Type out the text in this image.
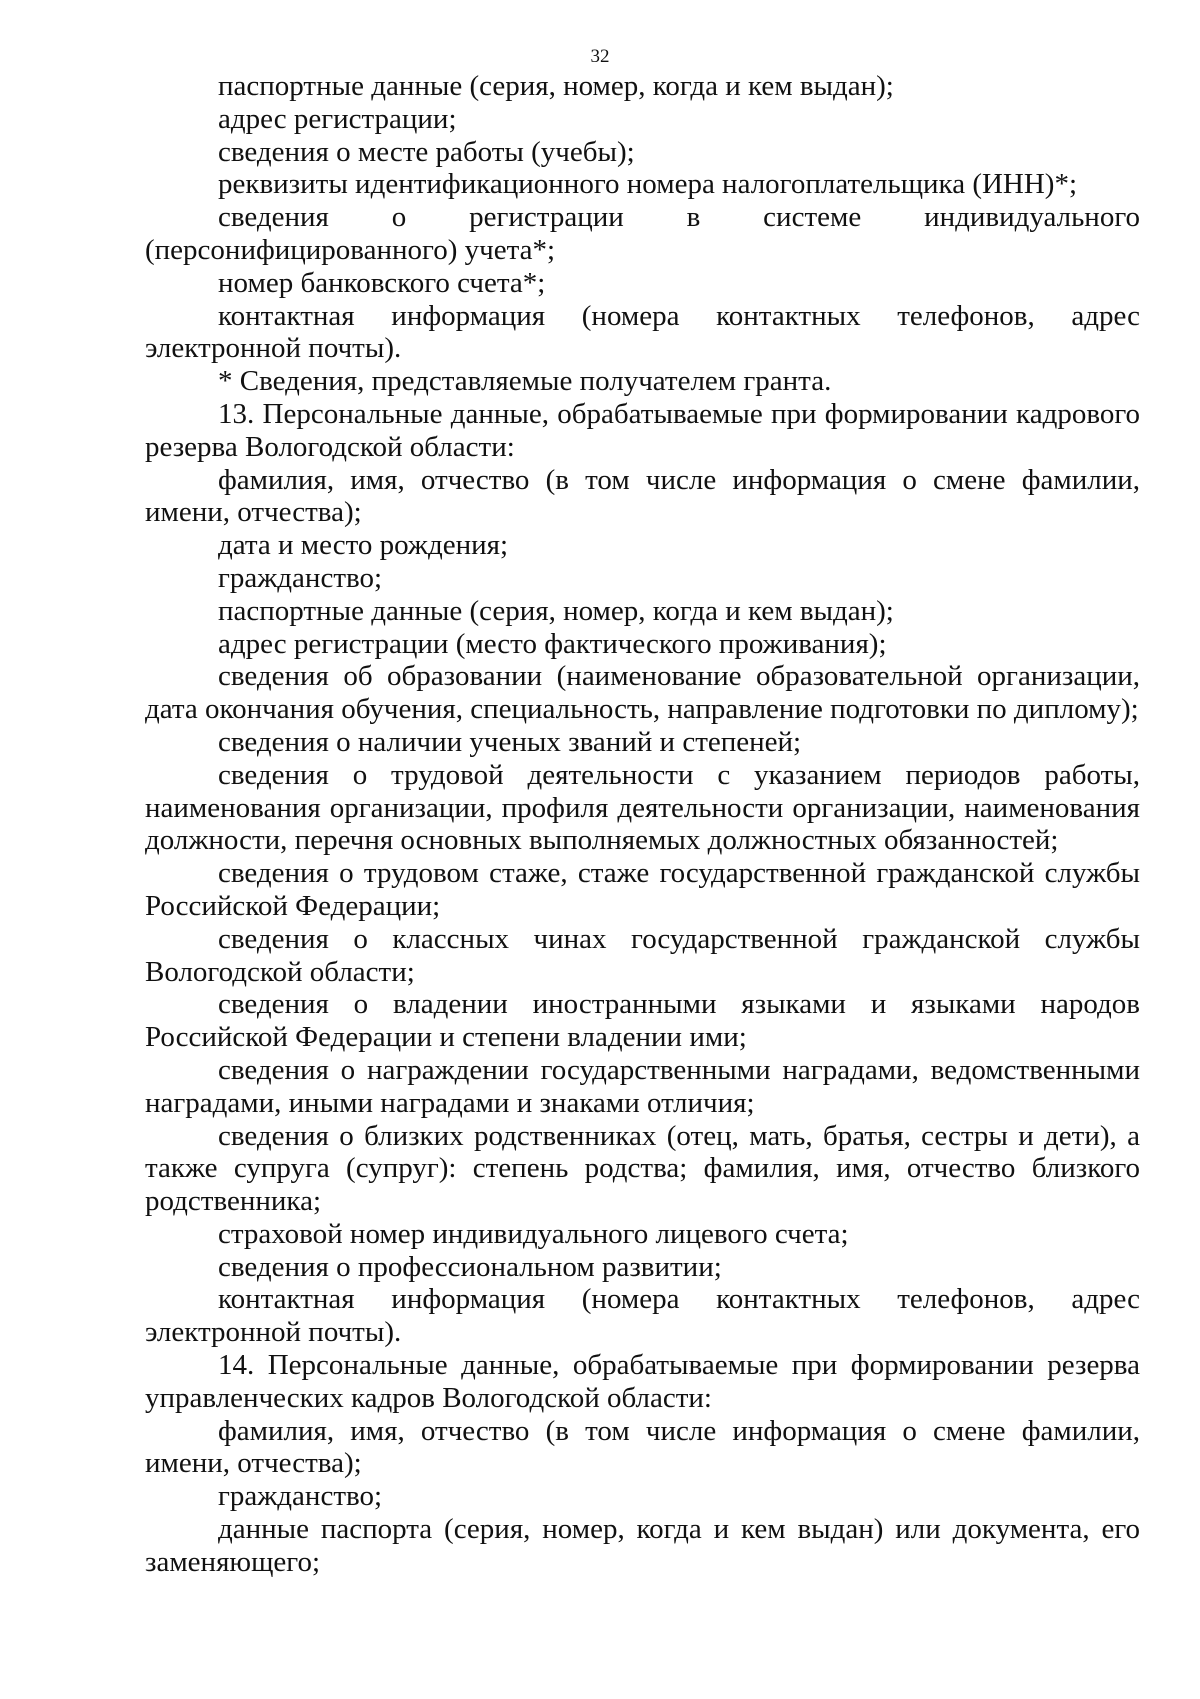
32

паспортные данные (серия, номер, когда и кем выдан);

адрес регистрации;

сведения о месте работы (учебы);

реквизиты идентификационного номера налогоплательщика (ИНН)*;

сведения о регистрации в системе индивидуального (персонифицированного) учета*;

номер банковского счета*;

контактная информация (номера контактных телефонов, адрес электронной почты).

* Сведения, представляемые получателем гранта.

13. Персональные данные, обрабатываемые при формировании кадрового резерва Вологодской области:

фамилия, имя, отчество (в том числе информация о смене фамилии, имени, отчества);

дата и место рождения;

гражданство;

паспортные данные (серия, номер, когда и кем выдан);

адрес регистрации (место фактического проживания);

сведения об образовании (наименование образовательной организации, дата окончания обучения, специальность, направление подготовки по диплому);

сведения о наличии ученых званий и степеней;

сведения о трудовой деятельности с указанием периодов работы, наименования организации, профиля деятельности организации, наименования должности, перечня основных выполняемых должностных обязанностей;

сведения о трудовом стаже, стаже государственной гражданской службы Российской Федерации;

сведения о классных чинах государственной гражданской службы Вологодской области;

сведения о владении иностранными языками и языками народов Российской Федерации и степени владении ими;

сведения о награждении государственными наградами, ведомственными наградами, иными наградами и знаками отличия;

сведения о близких родственниках (отец, мать, братья, сестры и дети), а также супруга (супруг): степень родства; фамилия, имя, отчество близкого родственника;

страховой номер индивидуального лицевого счета;

сведения о профессиональном развитии;

контактная информация (номера контактных телефонов, адрес электронной почты).

14. Персональные данные, обрабатываемые при формировании резерва управленческих кадров Вологодской области:

фамилия, имя, отчество (в том числе информация о смене фамилии, имени, отчества);

гражданство;

данные паспорта (серия, номер, когда и кем выдан) или документа, его заменяющего;
